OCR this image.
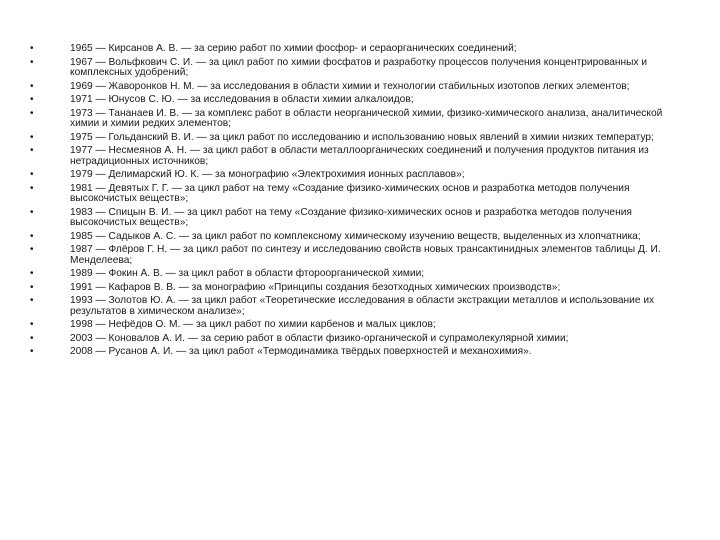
•	1965 — Кирсанов А. В. — за серию работ по химии фосфор- и сераорганических соединений;
•	1967 — Вольфкович С. И. — за цикл работ по химии фосфатов и разработку процессов получения концентрированных и комплексных удобрений;
•	1969 — Жаворонков Н. М. — за исследования в области химии и технологии стабильных изотопов легких элементов;
•	1971 — Юнусов С. Ю. — за исследования в области химии алкалоидов;
•	1973 — Тананаев И. В. — за комплекс работ в области неорганической химии, физико-химического анализа, аналитической химии и химии редких элементов;
•	1975 — Гольданский В. И. — за цикл работ по исследованию и использованию новых явлений в химии низких температур;
•	1977 — Несмеянов А. Н. — за цикл работ в области металлоорганических соединений и получения продуктов питания из нетрадиционных источников;
•	1979 — Делимарский Ю. К. — за монографию «Электрохимия ионных расплавов»;
•	1981 — Девятых Г. Г. — за цикл работ на тему «Создание физико-химических основ и разработка методов получения высокочистых веществ»;
•	1983 — Спицын В. И. — за цикл работ на тему «Создание физико-химических основ и разработка методов получения высокочистых веществ»;
•	1985 — Садыков А. С. — за цикл работ по комплексному химическому изучению веществ, выделенных из хлопчатника;
•	1987 — Флёров Г. Н. — за цикл работ по синтезу и исследованию свойств новых трансактинидных элементов таблицы Д. И. Менделеева;
•	1989 — Фокин А. В. — за цикл работ в области фтороорганической химии;
•	1991 — Кафаров В. В. — за монографию «Принципы создания безотходных химических производств»;
•	1993 — Золотов Ю. А. — за цикл работ «Теоретические исследования в области экстракции металлов и использование их результатов в химическом анализе»;
•	1998 — Нефёдов О. М. — за цикл работ по химии карбенов и малых циклов;
•	2003 — Коновалов А. И. — за серию работ в области физико-органической и супрамолекулярной химии;
•	2008 — Русанов А. И. — за цикл работ «Термодинамика твёрдых поверхностей и механохимия».
